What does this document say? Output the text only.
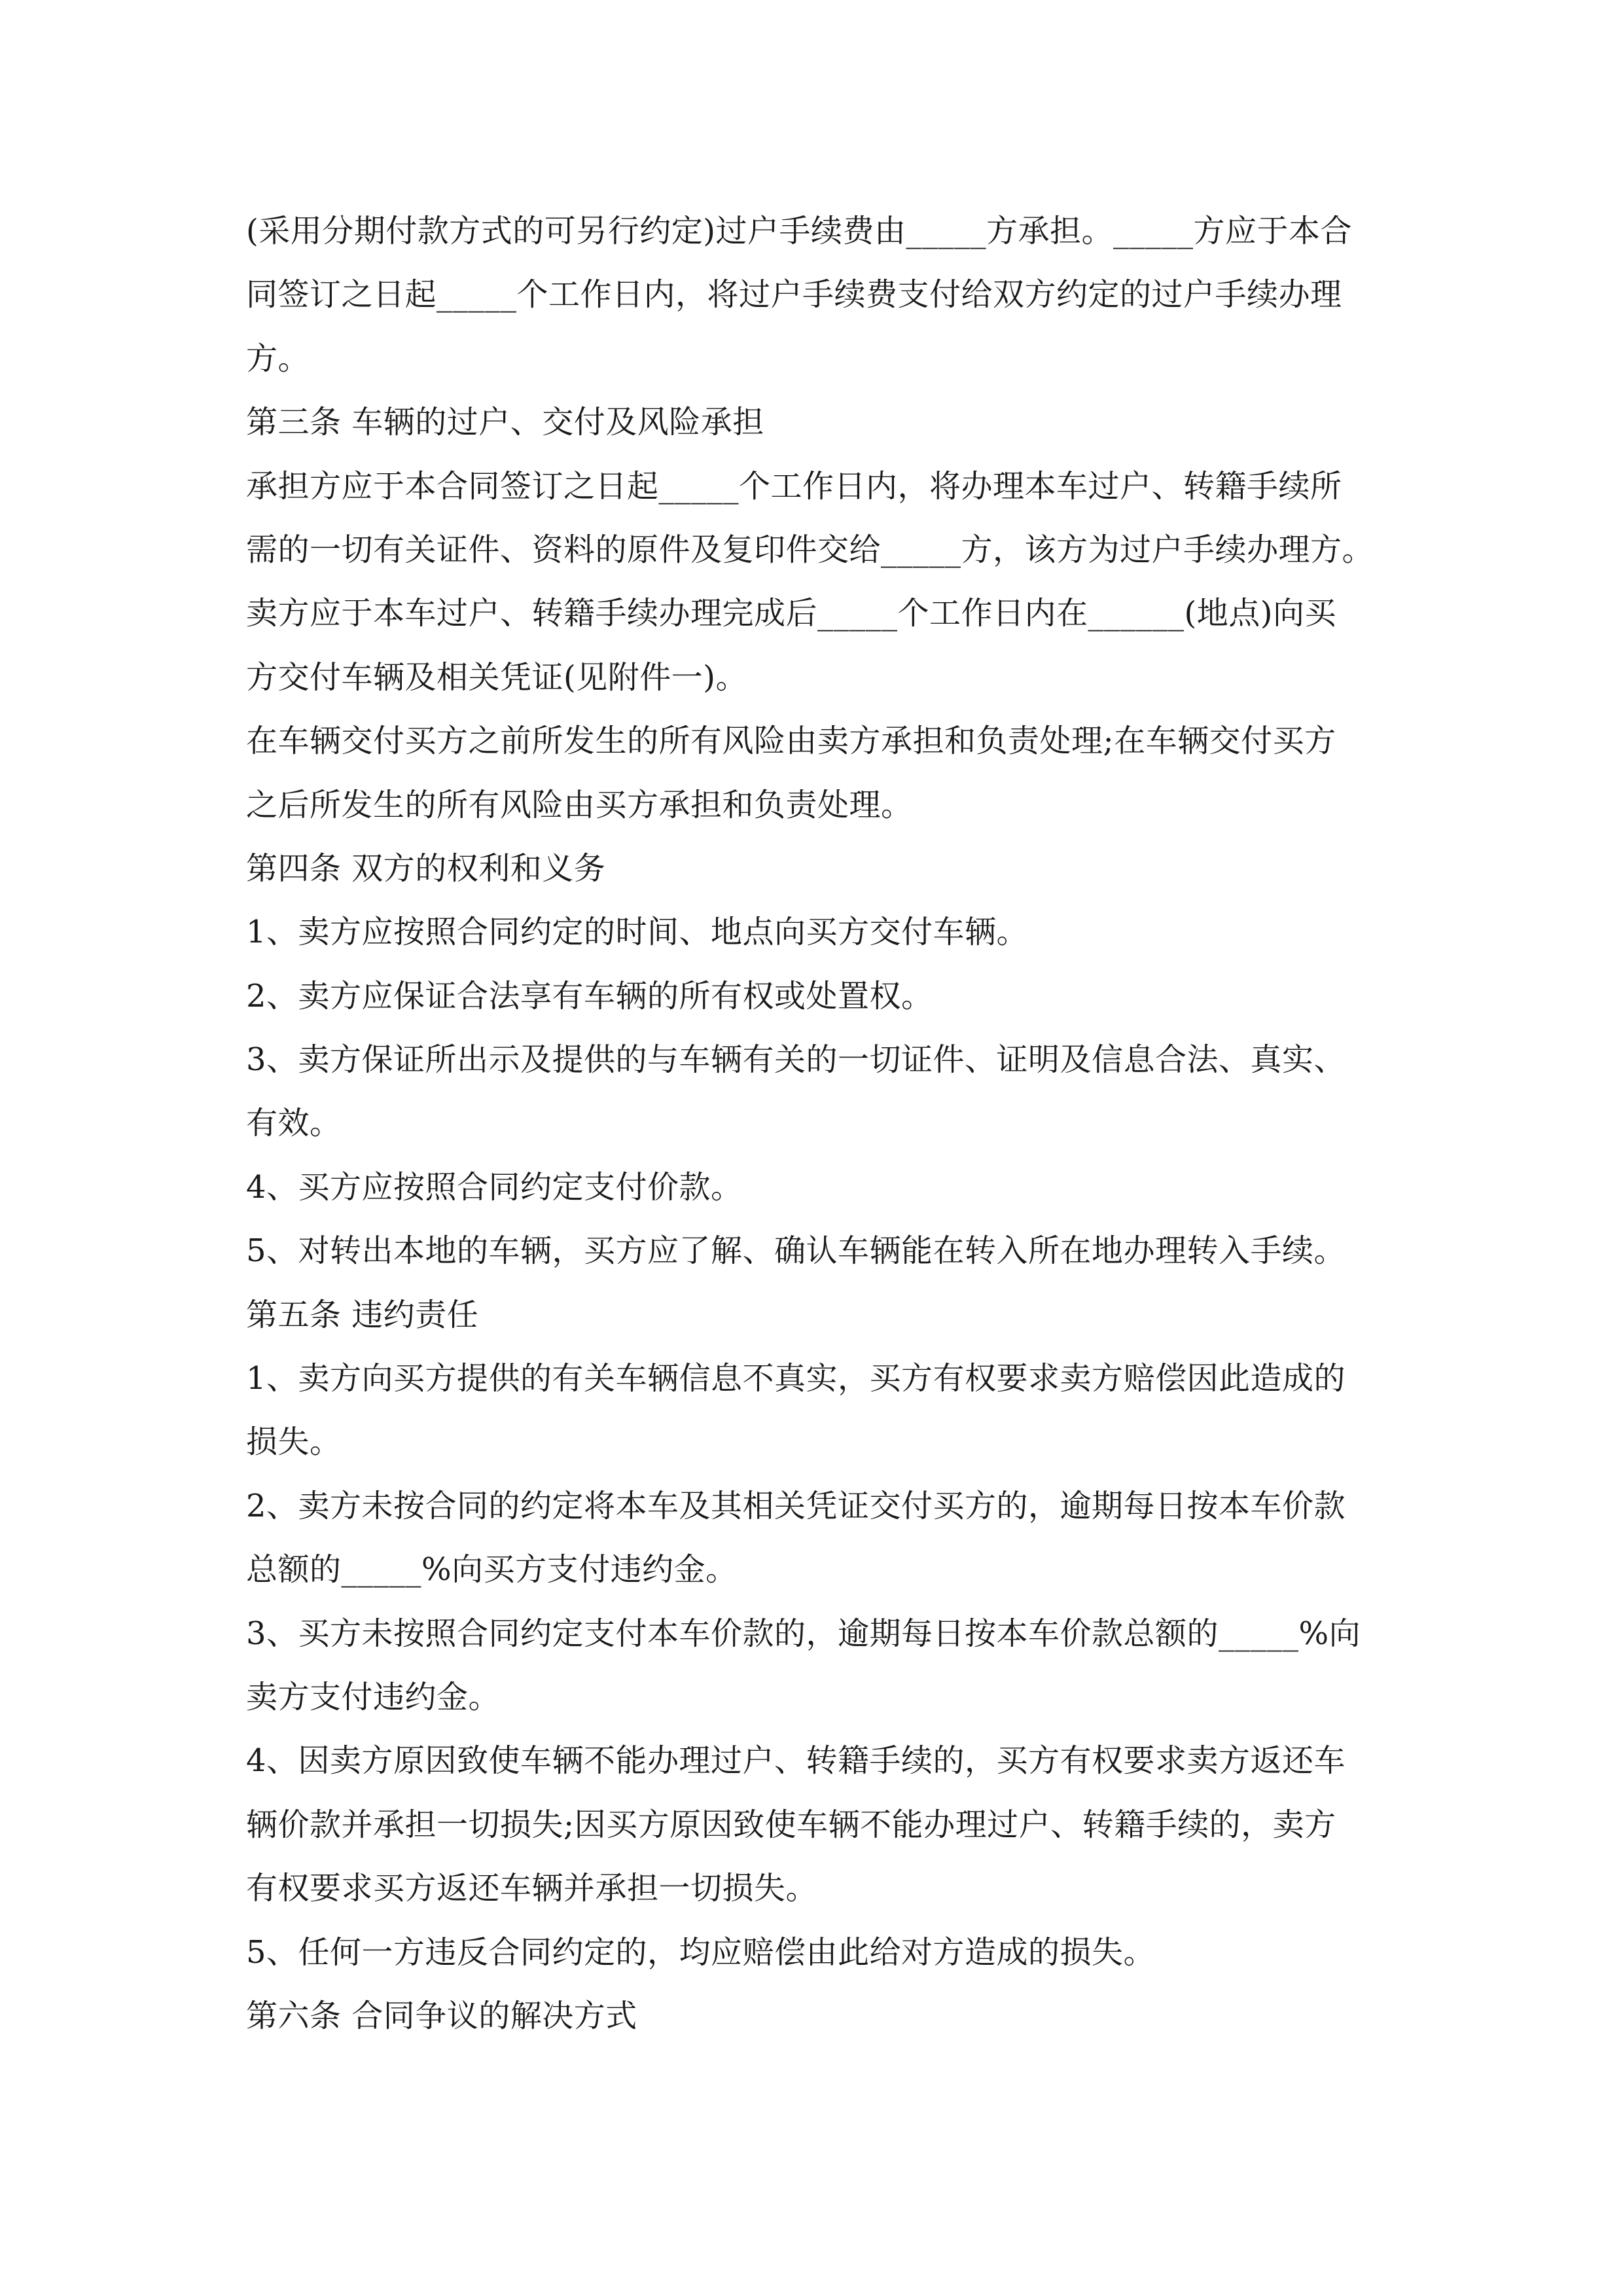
(采用分期付款方式的可另行约定)过户手续费由_____方承担。_____方应于本合
同签订之日起_____个工作日内，将过户手续费支付给双方约定的过户手续办理
方。
第三条 车辆的过户、交付及风险承担
承担方应于本合同签订之日起_____个工作日内，将办理本车过户、转籍手续所
需的一切有关证件、资料的原件及复印件交给_____方，该方为过户手续办理方。
卖方应于本车过户、转籍手续办理完成后_____个工作日内在______(地点)向买
方交付车辆及相关凭证(见附件一)。
在车辆交付买方之前所发生的所有风险由卖方承担和负责处理;在车辆交付买方
之后所发生的所有风险由买方承担和负责处理。
第四条 双方的权利和义务
1、卖方应按照合同约定的时间、地点向买方交付车辆。
2、卖方应保证合法享有车辆的所有权或处置权。
3、卖方保证所出示及提供的与车辆有关的一切证件、证明及信息合法、真实、
有效。
4、买方应按照合同约定支付价款。
5、对转出本地的车辆，买方应了解、确认车辆能在转入所在地办理转入手续。
第五条 违约责任
1、卖方向买方提供的有关车辆信息不真实，买方有权要求卖方赔偿因此造成的
损失。
2、卖方未按合同的约定将本车及其相关凭证交付买方的，逾期每日按本车价款
总额的_____%向买方支付违约金。
3、买方未按照合同约定支付本车价款的，逾期每日按本车价款总额的_____%向
卖方支付违约金。
4、因卖方原因致使车辆不能办理过户、转籍手续的，买方有权要求卖方返还车
辆价款并承担一切损失;因买方原因致使车辆不能办理过户、转籍手续的，卖方
有权要求买方返还车辆并承担一切损失。
5、任何一方违反合同约定的，均应赔偿由此给对方造成的损失。
第六条 合同争议的解决方式
